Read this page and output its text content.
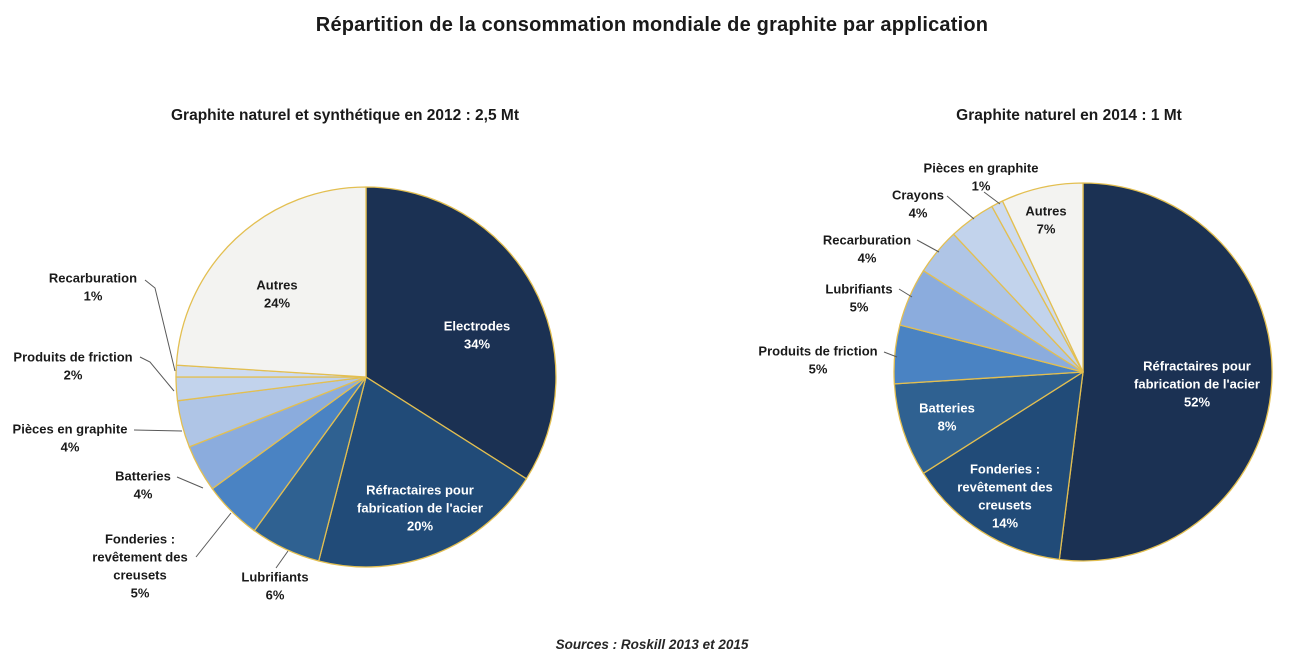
Répartition de la consommation mondiale de graphite par application
Graphite naturel et synthétique en 2012 : 2,5 Mt	Graphite naturel en 2014 : 1 Mt
Electrodes 34%
Réfractaires pour fabrication de l'acier 20%
Lubrifiants 6%
Fonderies : revêtement des creusets 5%
Batteries 4%
Pièces en graphite 4%
Produits de friction 2%
Recarburation 1%
Autres 24%
Réfractaires pour fabrication de l'acier 52%
Fonderies : revêtement des creusets 14%
Batteries 8%
Produits de friction 5%
Lubrifiants 5%
Recarburation 4%
Crayons 4%
Pièces en graphite 1%
Autres 7%
Sources : Roskill 2013 et 2015
